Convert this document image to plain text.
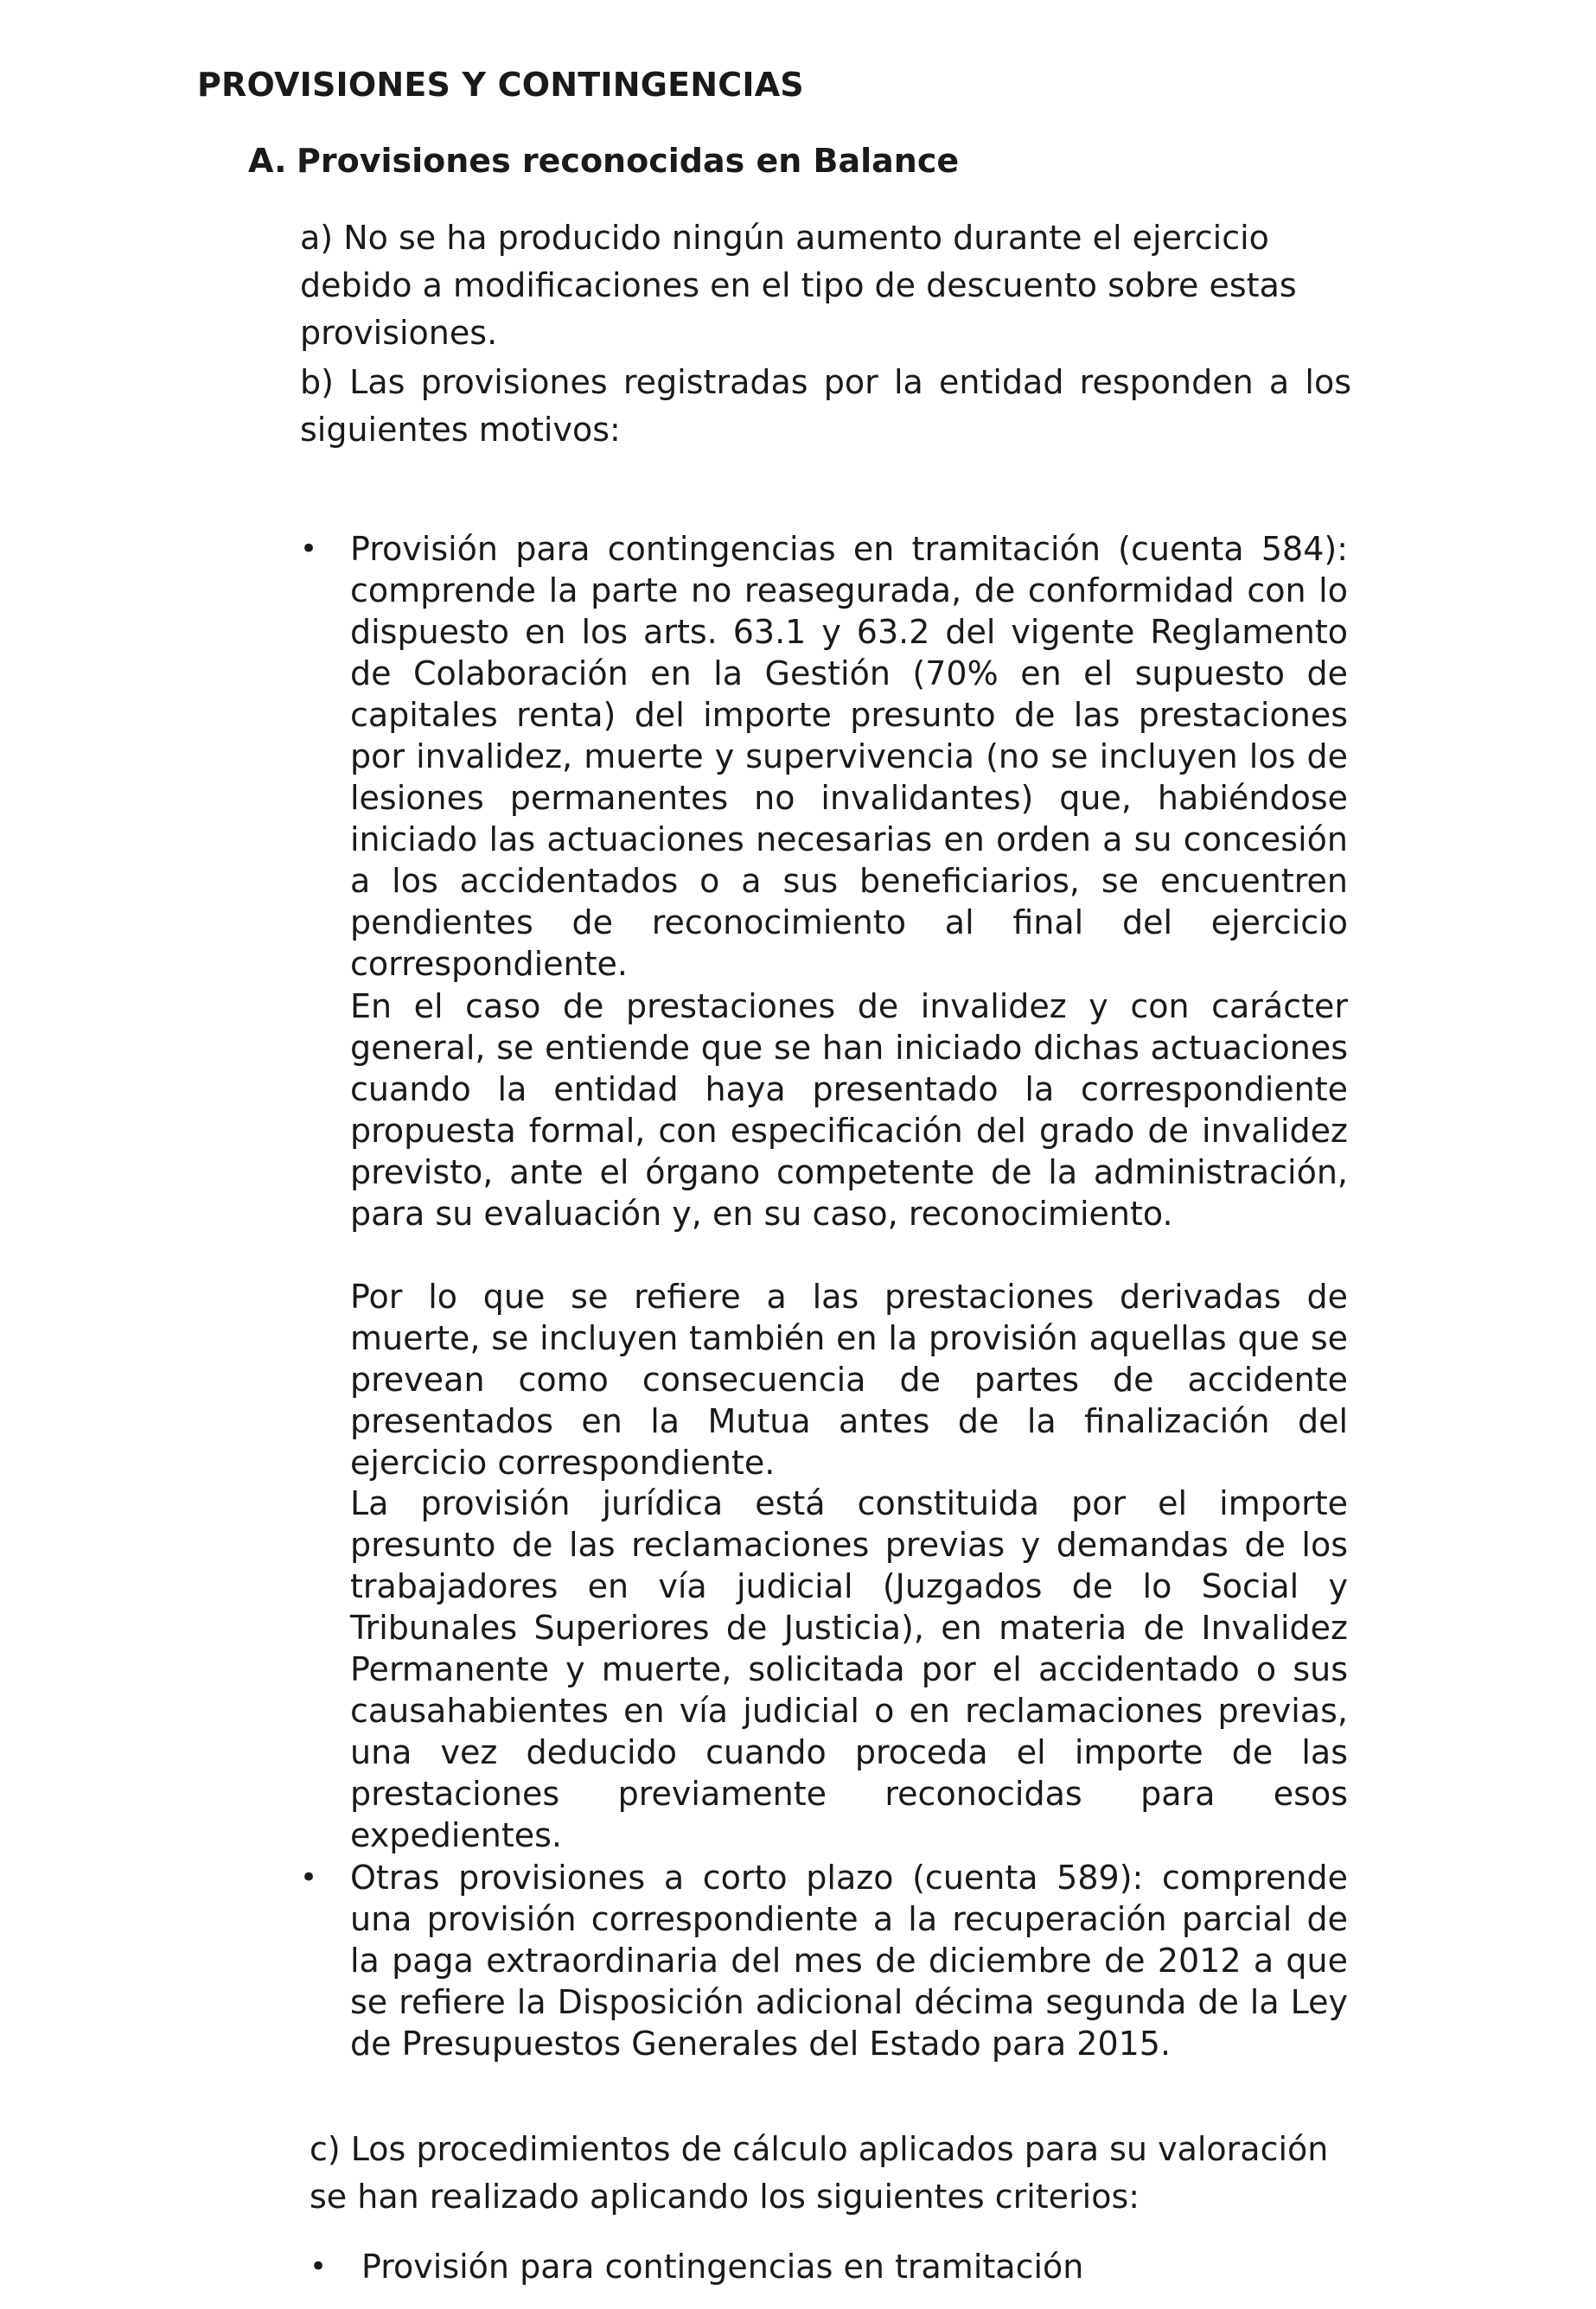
PROVISIONES Y CONTINGENCIAS
A. Provisiones reconocidas en Balance

a) No se ha producido ningún aumento durante el ejercicio debido a modificaciones en el tipo de descuento sobre estas provisiones.

b) Las provisiones registradas por la entidad responden a los siguientes motivos:

• Provisión para contingencias en tramitación (cuenta 584): comprende la parte no reasegurada, de conformidad con lo dispuesto en los arts. 63.1 y 63.2 del vigente Reglamento de Colaboración en la Gestión (70% en el supuesto de capitales renta) del importe presunto de las prestaciones por invalidez, muerte y supervivencia (no se incluyen los de lesiones permanentes no invalidantes) que, habiéndose iniciado las actuaciones necesarias en orden a su concesión a los accidentados o a sus beneficiarios, se encuentren pendientes de reconocimiento al final del ejercicio correspondiente.

En el caso de prestaciones de invalidez y con carácter general, se entiende que se han iniciado dichas actuaciones cuando la entidad haya presentado la correspondiente propuesta formal, con especificación del grado de invalidez previsto, ante el órgano competente de la administración, para su evaluación y, en su caso, reconocimiento.

Por lo que se refiere a las prestaciones derivadas de muerte, se incluyen también en la provisión aquellas que se prevean como consecuencia de partes de accidente presentados en la Mutua antes de la finalización del ejercicio correspondiente.

La provisión jurídica está constituida por el importe presunto de las reclamaciones previas y demandas de los trabajadores en vía judicial (Juzgados de lo Social y Tribunales Superiores de Justicia), en materia de Invalidez Permanente y muerte, solicitada por el accidentado o sus causahabientes en vía judicial o en reclamaciones previas, una vez deducido cuando proceda el importe de las prestaciones previamente reconocidas para esos expedientes.

• Otras provisiones a corto plazo (cuenta 589): comprende una provisión correspondiente a la recuperación parcial de la paga extraordinaria del mes de diciembre de 2012 a que se refiere la Disposición adicional décima segunda de la Ley de Presupuestos Generales del Estado para 2015.

c) Los procedimientos de cálculo aplicados para su valoración se han realizado aplicando los siguientes criterios:

• Provisión para contingencias en tramitación
